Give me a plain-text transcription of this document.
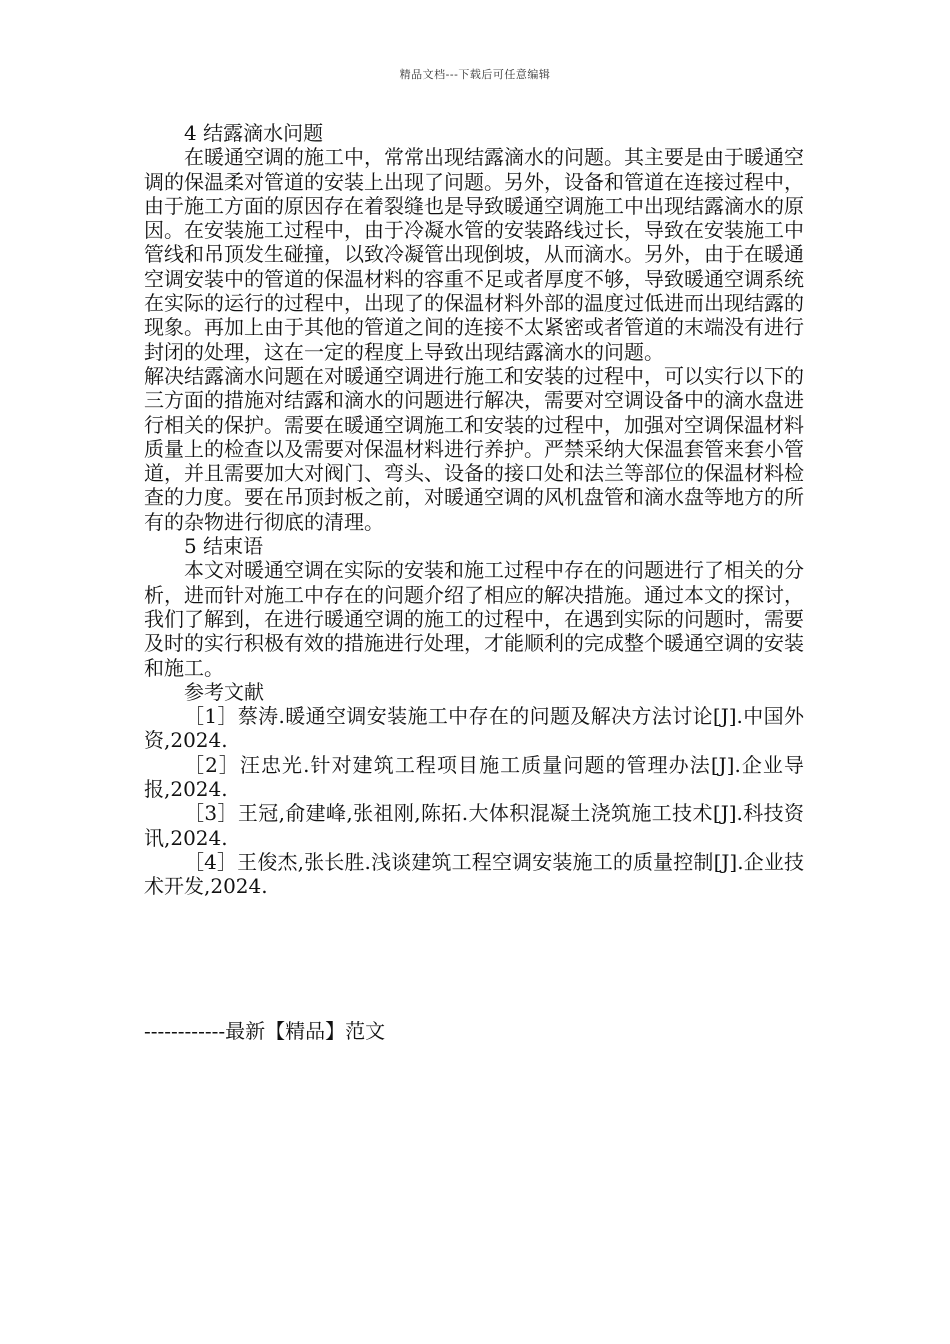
精品文档---下载后可任意编辑

4 结露滴水问题

在暖通空调的施工中，常常出现结露滴水的问题。其主要是由于暖通空调的保温柔对管道的安装上出现了问题。另外，设备和管道在连接过程中，由于施工方面的原因存在着裂缝也是导致暖通空调施工中出现结露滴水的原因。在安装施工过程中，由于冷凝水管的安装路线过长，导致在安装施工中管线和吊顶发生碰撞，以致冷凝管出现倒坡，从而滴水。另外，由于在暖通空调安装中的管道的保温材料的容重不足或者厚度不够，导致暖通空调系统在实际的运行的过程中，出现了的保温材料外部的温度过低进而出现结露的现象。再加上由于其他的管道之间的连接不太紧密或者管道的末端没有进行封闭的处理，这在一定的程度上导致出现结露滴水的问题。

解决结露滴水问题在对暖通空调进行施工和安装的过程中，可以实行以下的三方面的措施对结露和滴水的问题进行解决，需要对空调设备中的滴水盘进行相关的保护。需要在暖通空调施工和安装的过程中，加强对空调保温材料质量上的检查以及需要对保温材料进行养护。严禁采纳大保温套管来套小管道，并且需要加大对阀门、弯头、设备的接口处和法兰等部位的保温材料检查的力度。要在吊顶封板之前，对暖通空调的风机盘管和滴水盘等地方的所有的杂物进行彻底的清理。

5 结束语

本文对暖通空调在实际的安装和施工过程中存在的问题进行了相关的分析，进而针对施工中存在的问题介绍了相应的解决措施。通过本文的探讨，我们了解到，在进行暖通空调的施工的过程中，在遇到实际的问题时，需要及时的实行积极有效的措施进行处理，才能顺利的完成整个暖通空调的安装和施工。

参考文献

［1］蔡涛.暖通空调安装施工中存在的问题及解决方法讨论[J].中国外资,2024.

［2］汪忠光.针对建筑工程项目施工质量问题的管理办法[J].企业导报,2024.

［3］王冠,俞建峰,张祖刚,陈拓.大体积混凝土浇筑施工技术[J].科技资讯,2024.

［4］王俊杰,张长胜.浅谈建筑工程空调安装施工的质量控制[J].企业技术开发,2024.

------------最新【精品】范文
